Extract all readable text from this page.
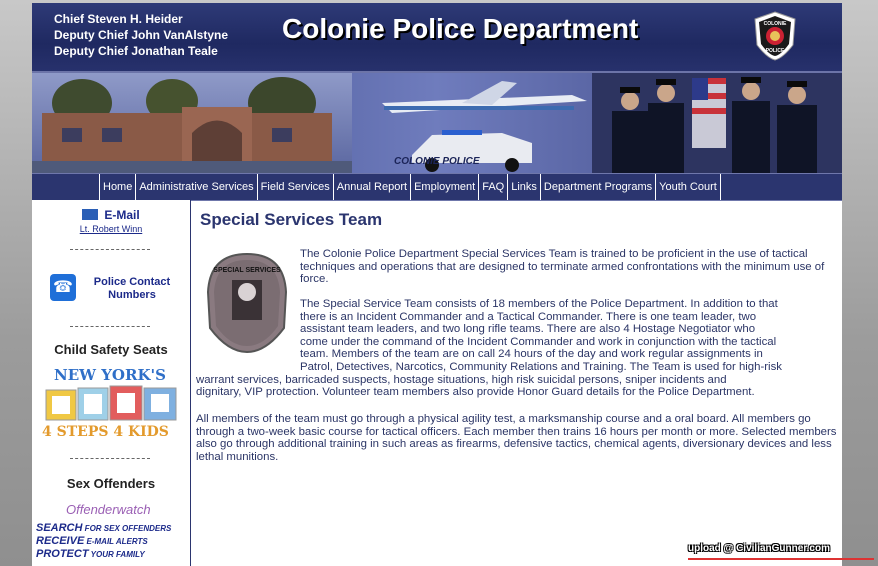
Chief Steven H. Heider
Deputy Chief John VanAlstyne
Deputy Chief Jonathan Teale
Colonie Police Department	COLONIE
POLICE
COLONIE POLICE
Home Administrative Services Field Services Annual Report Employment FAQ Links Department Programs Youth Court
E-Mail
Lt. Robert Winn
☎	Police Contact Numbers
Child Safety Seats
NEW YORK'S
4 STEPS 4 KIDS
Sex Offenders
Offenderwatch
SEARCH FOR SEX OFFENDERS
RECEIVE E-MAIL ALERTS
PROTECT YOUR FAMILY
Special Services Team
SPECIAL SERVICES
The Colonie Police Department Special Services Team is trained to be proficient in the use of tactical techniques and operations that are designed to terminate armed confrontations with the minimum use of force.
The Special Service Team consists of 18 members of the Police Department. In addition to that
there is an Incident Commander and a Tactical Commander. There is one team leader, two
assistant team leaders, and two long rifle teams. There are also 4 Hostage Negotiator who
come under the command of the Incident Commander and work in conjunction with the tactical
team. Members of the team are on call 24 hours of the day and work regular assignments in
Patrol, Detectives, Narcotics, Community Relations and Training. The Team is used for high-risk
warrant services, barricaded suspects, hostage situations, high risk suicidal persons, sniper incidents and
dignitary, VIP protection. Volunteer team members also provide Honor Guard details for the Police Department.
All members of the team must go through a physical agility test, a marksmanship course and a oral board. All members go through a two-week basic course for tactical officers. Each member then trains 16 hours per month or more. Selected members also go through additional training in such areas as firearms, defensive tactics, chemical agents, diversionary devices and less lethal munitions.
upload @ CivilianGunner.com
